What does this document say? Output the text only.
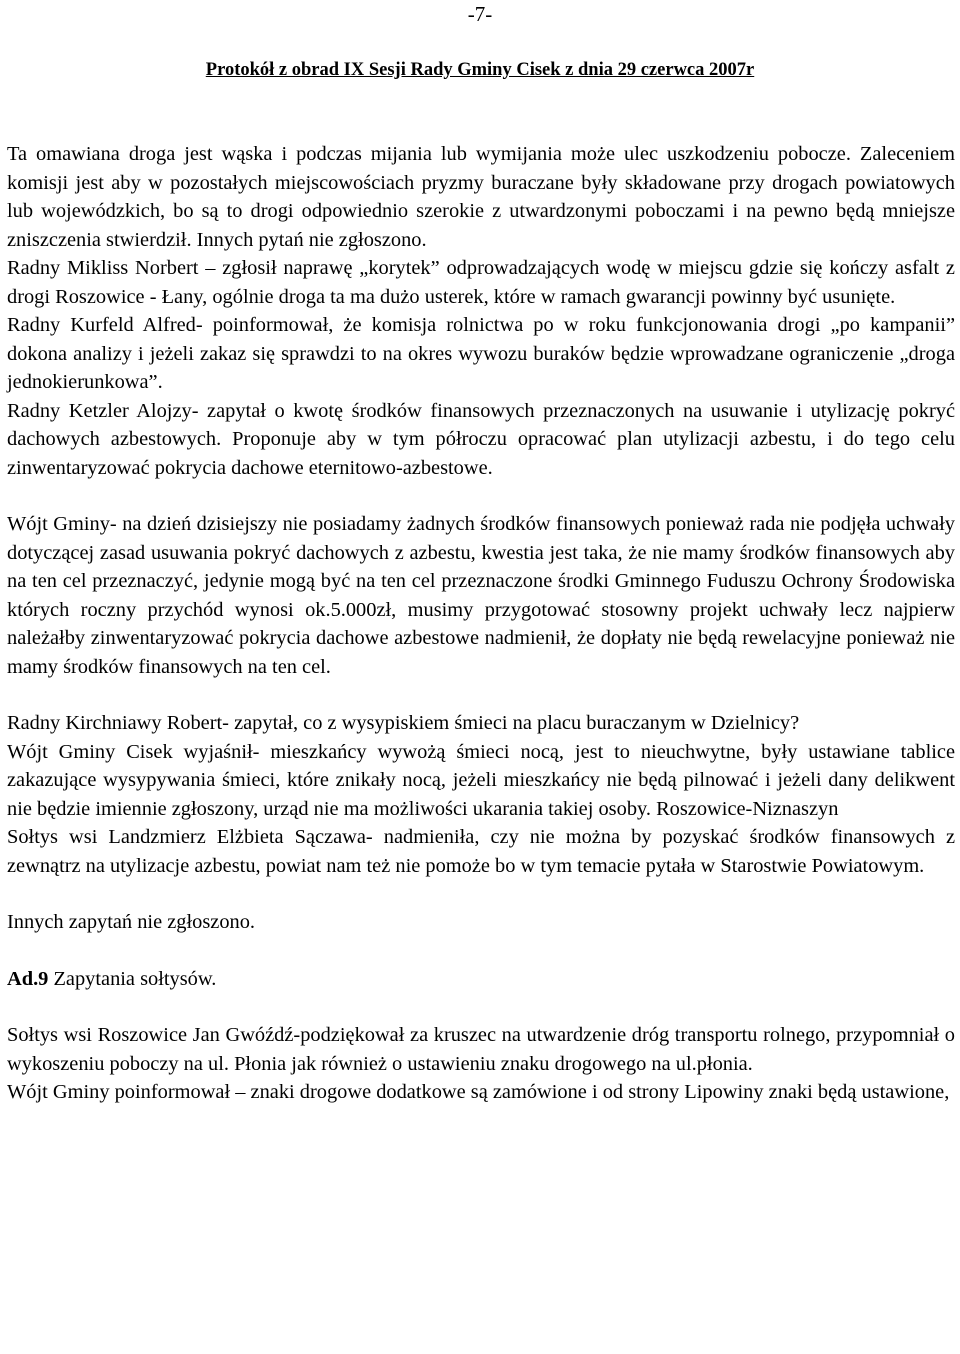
-7-
Protokół z obrad IX Sesji Rady Gminy Cisek z dnia 29 czerwca 2007r

Ta omawiana droga jest wąska i podczas mijania lub wymijania może ulec uszkodzeniu pobocze. Zaleceniem komisji jest aby w pozostałych miejscowościach pryzmy buraczane były składowane przy drogach powiatowych lub wojewódzkich, bo są to drogi odpowiednio szerokie z utwardzonymi poboczami i na pewno będą mniejsze zniszczenia stwierdził. Innych pytań nie zgłoszono.

Radny Mikliss Norbert – zgłosił naprawę „korytek” odprowadzających wodę w miejscu gdzie się kończy asfalt z drogi Roszowice - Łany, ogólnie droga ta ma dużo usterek, które w ramach gwarancji powinny być usunięte.

Radny Kurfeld Alfred- poinformował, że komisja rolnictwa po w roku funkcjonowania drogi „po kampanii” dokona analizy i jeżeli zakaz się sprawdzi to na okres wywozu buraków będzie wprowadzane ograniczenie „droga jednokierunkowa”.

Radny Ketzler Alojzy- zapytał o kwotę środków finansowych przeznaczonych na usuwanie i utylizację pokryć dachowych azbestowych. Proponuje aby w tym półroczu opracować plan utylizacji azbestu, i do tego celu zinwentaryzować pokrycia dachowe eternitowo-azbestowe.

Wójt Gminy- na dzień dzisiejszy nie posiadamy żadnych środków finansowych ponieważ rada nie podjęła uchwały dotyczącej zasad usuwania pokryć dachowych z azbestu, kwestia jest taka, że nie mamy środków finansowych aby na ten cel przeznaczyć, jedynie mogą być na ten cel przeznaczone środki Gminnego Fuduszu Ochrony Środowiska których roczny przychód wynosi ok.5.000zł, musimy przygotować stosowny projekt uchwały lecz najpierw należałby zinwentaryzować pokrycia dachowe azbestowe nadmienił, że dopłaty nie będą rewelacyjne ponieważ nie mamy środków finansowych na ten cel.

Radny Kirchniawy Robert- zapytał, co z wysypiskiem śmieci na placu buraczanym w Dzielnicy?

Wójt Gminy Cisek wyjaśnił- mieszkańcy wywożą śmieci nocą, jest to nieuchwytne, były ustawiane tablice zakazujące wysypywania śmieci, które znikały nocą, jeżeli mieszkańcy nie będą pilnować i jeżeli dany delikwent nie będzie imiennie zgłoszony, urząd nie ma możliwości ukarania takiej osoby. Roszowice-Niznaszyn

Sołtys wsi Landzmierz Elżbieta Sączawa- nadmieniła, czy nie można by pozyskać środków finansowych z zewnątrz na utylizacje azbestu, powiat nam też nie pomoże bo w tym temacie pytała w Starostwie Powiatowym.

Innych zapytań nie zgłoszono.

Ad.9 Zapytania sołtysów.

Sołtys wsi Roszowice Jan Gwóźdź-podziękował za kruszec na utwardzenie dróg transportu rolnego, przypomniał o wykoszeniu poboczy na ul. Płonia jak również o ustawieniu znaku drogowego na ul.płonia.

Wójt Gminy poinformował – znaki drogowe dodatkowe są zamówione i od strony Lipowiny znaki będą ustawione,
